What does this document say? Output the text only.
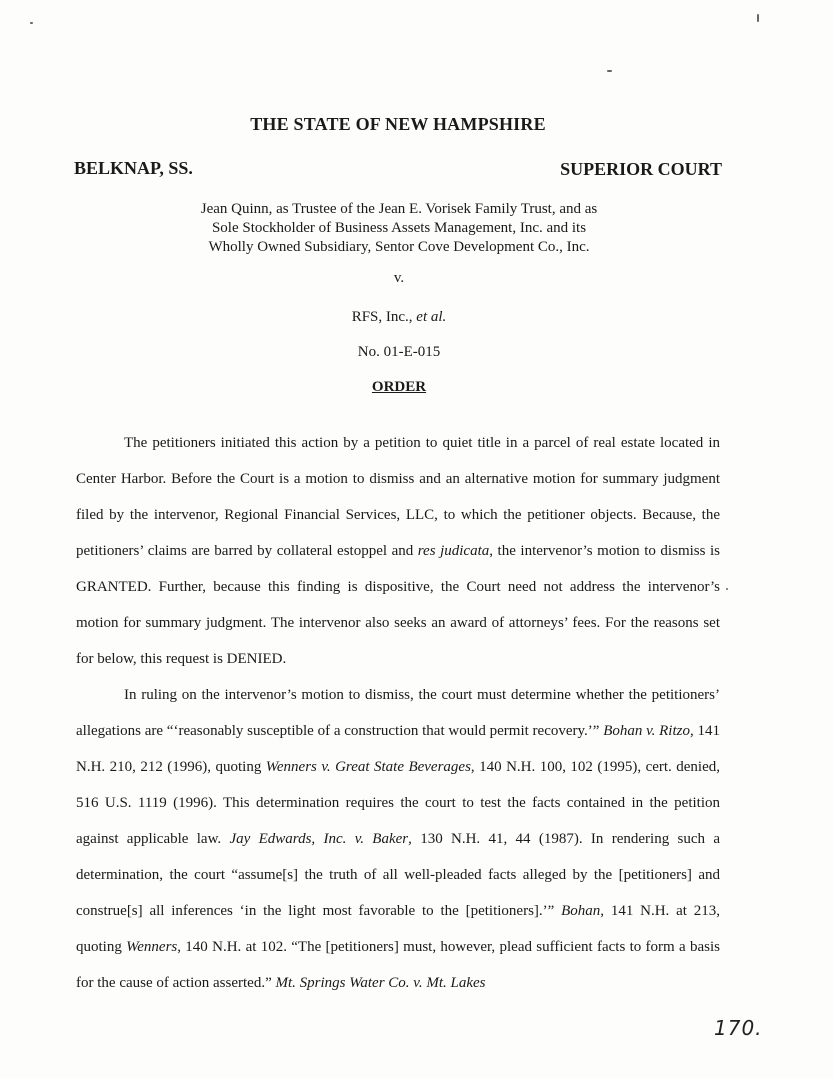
THE STATE OF NEW HAMPSHIRE
BELKNAP, SS.	SUPERIOR COURT
Jean Quinn, as Trustee of the Jean E. Vorisek Family Trust, and as
Sole Stockholder of Business Assets Management, Inc. and its
Wholly Owned Subsidiary, Sentor Cove Development Co., Inc.
v.
RFS, Inc., et al.
No. 01-E-015
ORDER

The petitioners initiated this action by a petition to quiet title in a parcel of real estate located in Center Harbor. Before the Court is a motion to dismiss and an alternative motion for summary judgment filed by the intervenor, Regional Financial Services, LLC, to which the petitioner objects. Because, the petitioners’ claims are barred by collateral estoppel and res judicata, the intervenor’s motion to dismiss is GRANTED. Further, because this finding is dispositive, the Court need not address the intervenor’s motion for summary judgment. The intervenor also seeks an award of attorneys’ fees. For the reasons set for below, this request is DENIED.

In ruling on the intervenor’s motion to dismiss, the court must determine whether the petitioners’ allegations are “‘reasonably susceptible of a construction that would permit recovery.’” Bohan v. Ritzo, 141 N.H. 210, 212 (1996), quoting Wenners v. Great State Beverages, 140 N.H. 100, 102 (1995), cert. denied, 516 U.S. 1119 (1996). This determination requires the court to test the facts contained in the petition against applicable law. Jay Edwards, Inc. v. Baker, 130 N.H. 41, 44 (1987). In rendering such a determination, the court “assume[s] the truth of all well-pleaded facts alleged by the [petitioners] and construe[s] all inferences ‘in the light most favorable to the [petitioners].’” Bohan, 141 N.H. at 213, quoting Wenners, 140 N.H. at 102. “The [petitioners] must, however, plead sufficient facts to form a basis for the cause of action asserted.” Mt. Springs Water Co. v. Mt. Lakes

170.
